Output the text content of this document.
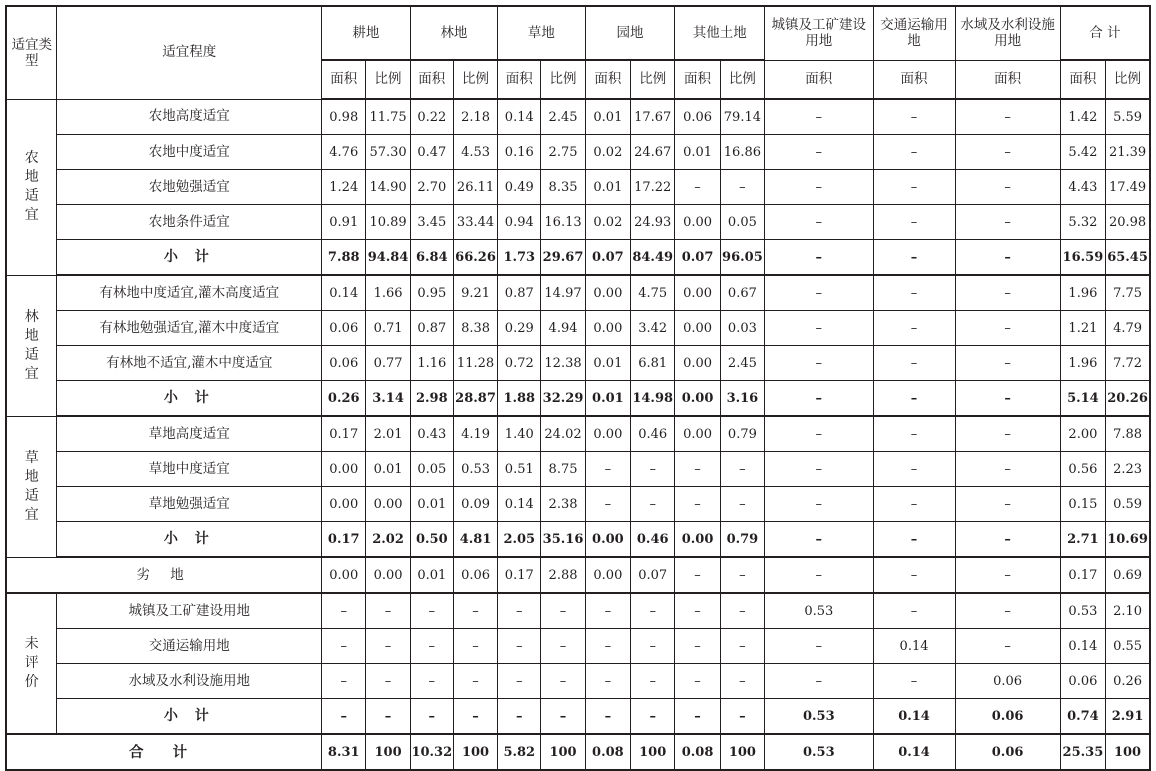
适宜类型	适宜程度	耕地		林地		草地		园地		其他土地		城镇及工矿建设用地	交通运输用地	水域及水利设施用地	合 计	
		面积	比例	面积	比例	面积	比例	面积	比例	面积	比例	面积	面积	面积	面积	比例
农地适宜	农地高度适宜	0.98	11.75	0.22	2.18	0.14	2.45	0.01	17.67	0.06	79.14	–	–	–	1.42	5.59
	农地中度适宜	4.76	57.30	0.47	4.53	0.16	2.75	0.02	24.67	0.01	16.86	–	–	–	5.42	21.39
	农地勉强适宜	1.24	14.90	2.70	26.11	0.49	8.35	0.01	17.22	–	–	–	–	–	4.43	17.49
	农地条件适宜	0.91	10.89	3.45	33.44	0.94	16.13	0.02	24.93	0.00	0.05	–	–	–	5.32	20.98
	小 计	7.88	94.84	6.84	66.26	1.73	29.67	0.07	84.49	0.07	96.05	–	–	–	16.59	65.45
林地适宜	有林地中度适宜,灌木高度适宜	0.14	1.66	0.95	9.21	0.87	14.97	0.00	4.75	0.00	0.67	–	–	–	1.96	7.75
	有林地勉强适宜,灌木中度适宜	0.06	0.71	0.87	8.38	0.29	4.94	0.00	3.42	0.00	0.03	–	–	–	1.21	4.79
	有林地不适宜,灌木中度适宜	0.06	0.77	1.16	11.28	0.72	12.38	0.01	6.81	0.00	2.45	–	–	–	1.96	7.72
	小 计	0.26	3.14	2.98	28.87	1.88	32.29	0.01	14.98	0.00	3.16	–	–	–	5.14	20.26
草地适宜	草地高度适宜	0.17	2.01	0.43	4.19	1.40	24.02	0.00	0.46	0.00	0.79	–	–	–	2.00	7.88
	草地中度适宜	0.00	0.01	0.05	0.53	0.51	8.75	–	–	–	–	–	–	–	0.56	2.23
	草地勉强适宜	0.00	0.00	0.01	0.09	0.14	2.38	–	–	–	–	–	–	–	0.15	0.59
	小 计	0.17	2.02	0.50	4.81	2.05	35.16	0.00	0.46	0.00	0.79	–	–	–	2.71	10.69
劣 地		0.00	0.00	0.01	0.06	0.17	2.88	0.00	0.07	–	–	–	–	–	0.17	0.69
未评价	城镇及工矿建设用地	–	–	–	–	–	–	–	–	–	–	0.53	–	–	0.53	2.10
	交通运输用地	–	–	–	–	–	–	–	–	–	–	–	0.14	–	0.14	0.55
	水域及水利设施用地	–	–	–	–	–	–	–	–	–	–	–	–	0.06	0.06	0.26
	小 计	–	–	–	–	–	–	–	–	–	–	0.53	0.14	0.06	0.74	2.91
合 计		8.31	100	10.32	100	5.82	100	0.08	100	0.08	100	0.53	0.14	0.06	25.35	100
